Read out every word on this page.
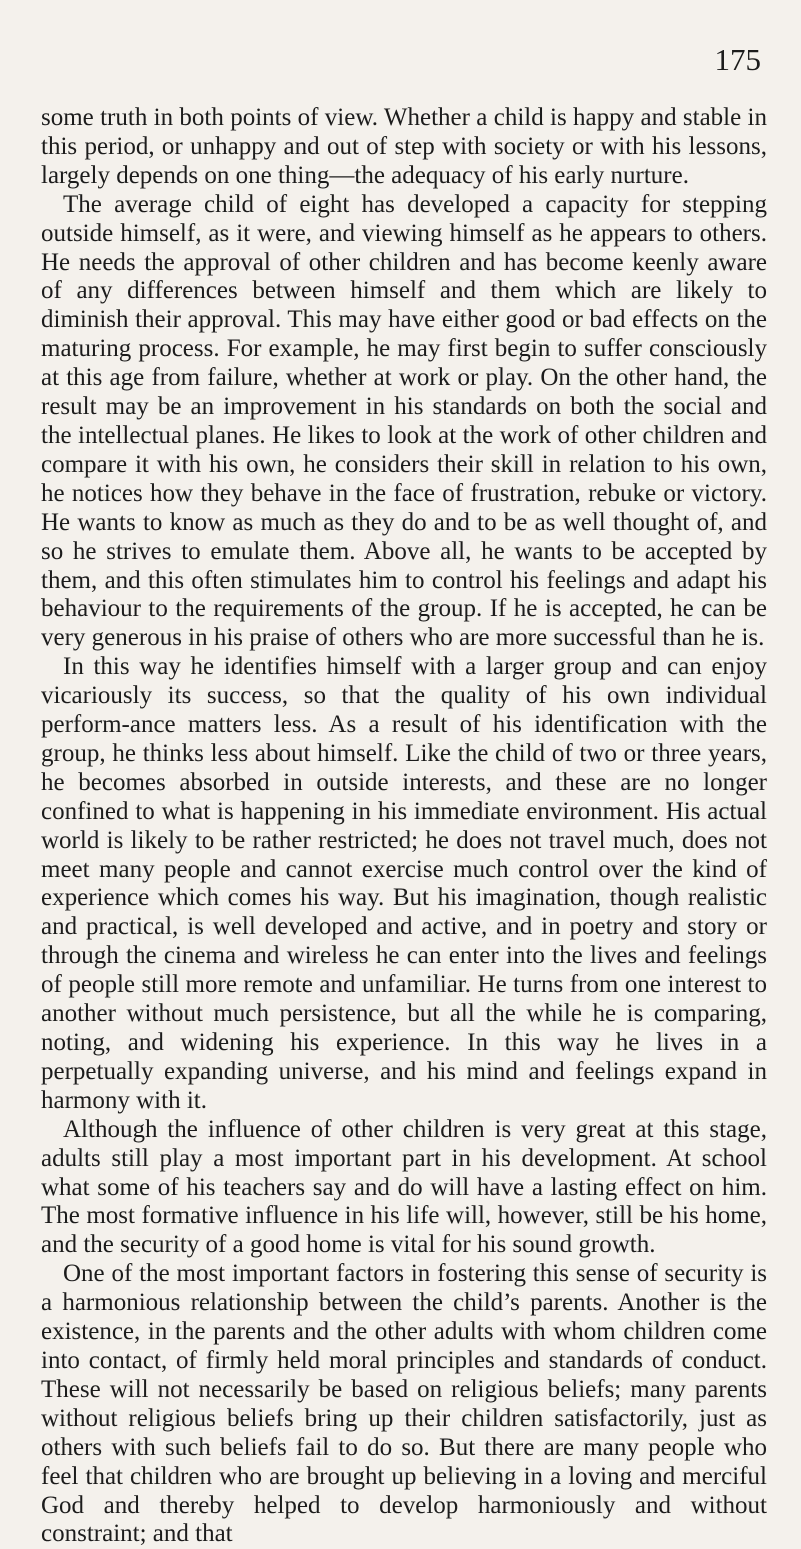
175

some truth in both points of view. Whether a child is happy and stable in this period, or unhappy and out of step with society or with his lessons, largely depends on one thing—the adequacy of his early nurture.

The average child of eight has developed a capacity for stepping outside himself, as it were, and viewing himself as he appears to others. He needs the approval of other children and has become keenly aware of any differences between himself and them which are likely to diminish their approval. This may have either good or bad effects on the maturing process. For example, he may first begin to suffer consciously at this age from failure, whether at work or play. On the other hand, the result may be an improvement in his standards on both the social and the intellectual planes. He likes to look at the work of other children and compare it with his own, he considers their skill in relation to his own, he notices how they behave in the face of frustration, rebuke or victory. He wants to know as much as they do and to be as well thought of, and so he strives to emulate them. Above all, he wants to be accepted by them, and this often stimulates him to control his feelings and adapt his behaviour to the requirements of the group. If he is accepted, he can be very generous in his praise of others who are more successful than he is.

In this way he identifies himself with a larger group and can enjoy vicariously its success, so that the quality of his own individual perform-ance matters less. As a result of his identification with the group, he thinks less about himself. Like the child of two or three years, he becomes absorbed in outside interests, and these are no longer confined to what is happening in his immediate environment. His actual world is likely to be rather restricted; he does not travel much, does not meet many people and cannot exercise much control over the kind of experience which comes his way. But his imagination, though realistic and practical, is well developed and active, and in poetry and story or through the cinema and wireless he can enter into the lives and feelings of people still more remote and unfamiliar. He turns from one interest to another without much persistence, but all the while he is comparing, noting, and widening his experience. In this way he lives in a perpetually expanding universe, and his mind and feelings expand in harmony with it.

Although the influence of other children is very great at this stage, adults still play a most important part in his development. At school what some of his teachers say and do will have a lasting effect on him. The most formative influence in his life will, however, still be his home, and the security of a good home is vital for his sound growth.

One of the most important factors in fostering this sense of security is a harmonious relationship between the child’s parents. Another is the existence, in the parents and the other adults with whom children come into contact, of firmly held moral principles and standards of conduct. These will not necessarily be based on religious beliefs; many parents without religious beliefs bring up their children satisfactorily, just as others with such beliefs fail to do so. But there are many people who feel that children who are brought up believing in a loving and merciful God and thereby helped to develop harmoniously and without constraint; and that
